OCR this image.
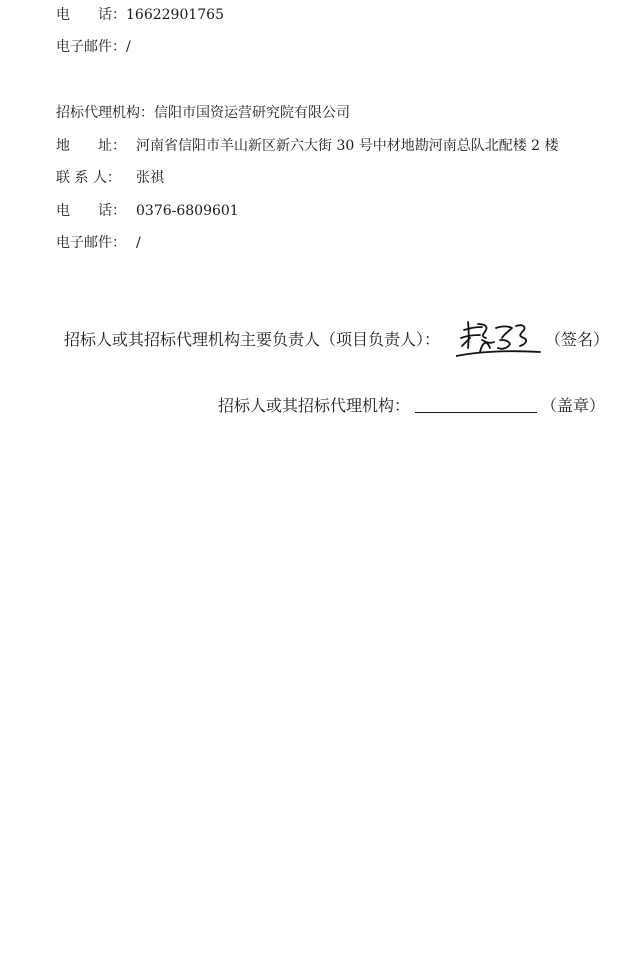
电　　话：16622901765
电子邮件：/
招标代理机构：信阳市国资运营研究院有限公司
地　　址： 河南省信阳市羊山新区新六大街 30 号中材地勘河南总队北配楼 2 楼
联 系 人： 张祺
电　　话： 0376-6809601
电子邮件： /
招标人或其招标代理机构主要负责人（项目负责人）：	（签名）
招标人或其招标代理机构：	（盖章）
